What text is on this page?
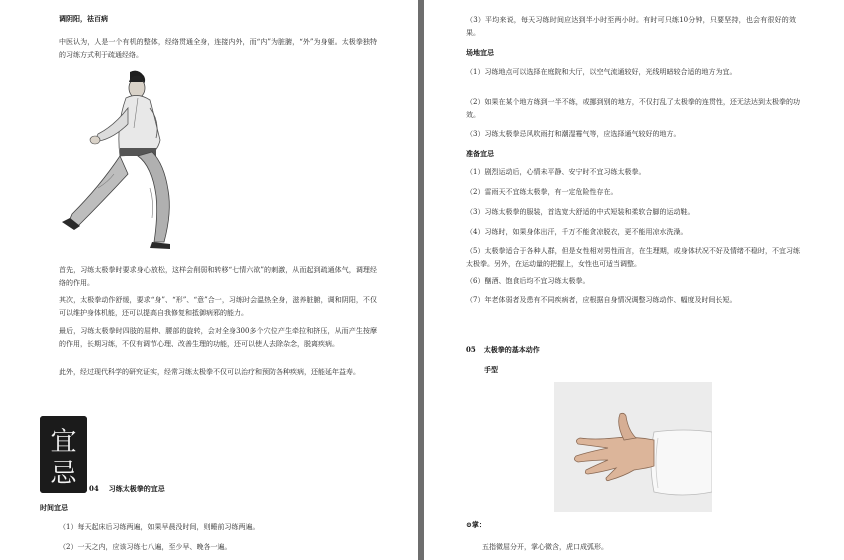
调阴阳，祛百病
中医认为，人是一个有机的整体，经络贯通全身，连接内外，而“内”为脏腑，“外”为身躯。太极拳独特的习练方式利于疏通经络。
首先，习练太极拳时要求身心放松，这样会削弱和转移“七情六欲”的刺激，从而起到疏通体气，调理经络的作用。
其次，太极拳动作舒缓，要求“身”、“形”、“意”合一，习练时会温热全身，滋养脏腑，调和阴阳，不仅可以维护身体机能，还可以提高自我修复和抵御病邪的能力。
最后，习练太极拳时四肢的屈伸、腰部的旋转，会对全身300多个穴位产生牵拉和挤压，从而产生按摩的作用，长期习练，不仅有调节心理、改善生理的功能，还可以使人去除杂念，脱离疾病。
此外，经过现代科学的研究证实，经常习练太极拳不仅可以治疗和预防各种疾病，还能延年益寿。
宜
忌 04 习练太极拳的宜忌
时间宜忌
（1）每天起床后习练两遍，如果早晨没时间，则睡前习练两遍。
（2）一天之内，应该习练七八遍，至少早、晚各一遍。
（3）平均来说，每天习练时间应达到半小时至两小时。有时可只练10分钟，只要坚持，也会有很好的效果。
场地宜忌
（1）习练地点可以选择在庭院和大厅，以空气流通较好，光线明暗较合适的地方为宜。
（2）如果在某个地方练到一半不练，或挪到别的地方，不仅打乱了太极拳的连贯性，还无法达到太极拳的功效。
（3）习练太极拳忌风吹雨打和潮湿霉气等，应选择通气较好的地方。
准备宜忌
（1）剧烈运动后，心情未平静、安宁时不宜习练太极拳。
（2）雷雨天不宜练太极拳，有一定危险性存在。
（3）习练太极拳的服装，首选宽大舒适的中式短装和柔软合脚的运动鞋。
（4）习练时，如果身体出汗，千万不能贪凉脱衣，更不能用凉水洗澡。
（5）太极拳适合于各种人群，但是女性相对男性而言，在生理期，或身体状况不好及情绪不稳时，不宜习练太极拳。另外，在运动量的把握上，女性也可适当调整。
（6）酗酒、饱食后均不宜习练太极拳。
（7）年老体弱者及患有不同疾病者，应根据自身情况调整习练动作、幅度及时间长短。
05 太极拳的基本动作
手型
⊙掌：
五指微屈分开，掌心微含，虎口成弧形。
